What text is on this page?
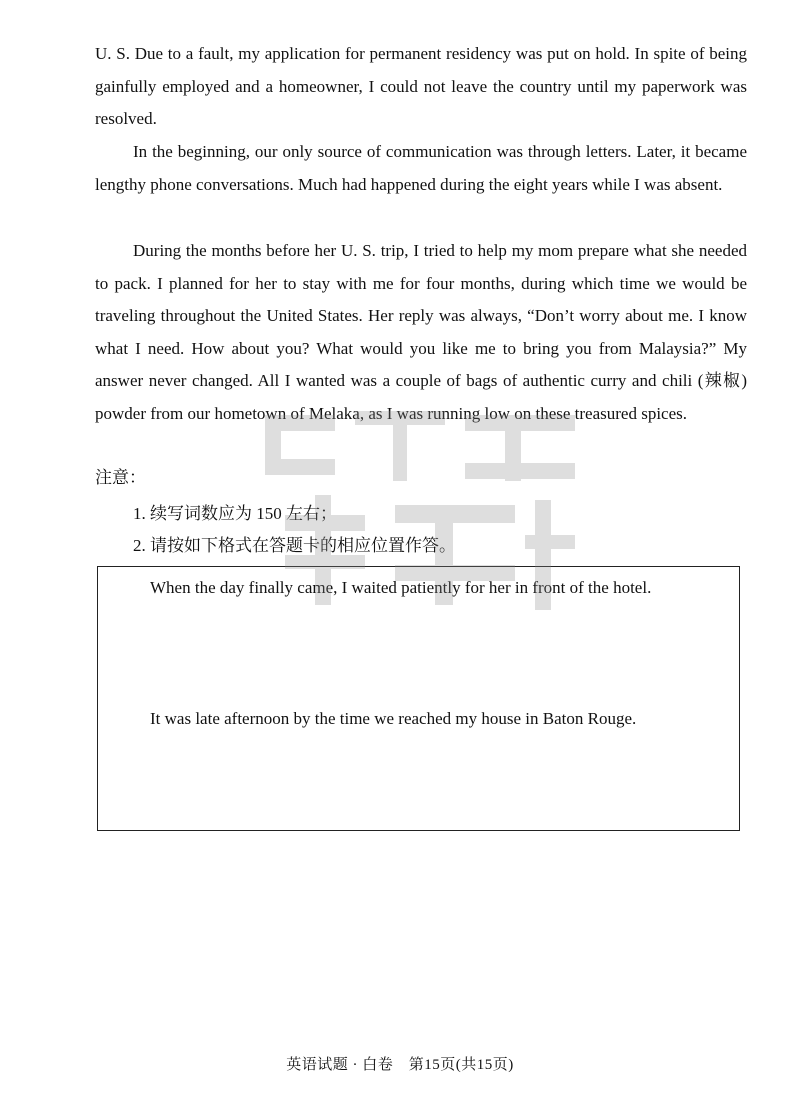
U. S. Due to a fault, my application for permanent residency was put on hold. In spite of being gainfully employed and a homeowner, I could not leave the country until my paperwork was resolved.

In the beginning, our only source of communication was through letters. Later, it became lengthy phone conversations. Much had happened during the eight years while I was absent.

During the months before her U. S. trip, I tried to help my mom prepare what she needed to pack. I planned for her to stay with me for four months, during which time we would be traveling throughout the United States. Her reply was always, “Don’t worry about me. I know what I need. How about you? What would you like me to bring you from Malaysia?” My answer never changed. All I wanted was a couple of bags of authentic curry and chili (辣椒) powder from our hometown of Melaka, as I was running low on these treasured spices.

注意：
1. 续写词数应为 150 左右；
2. 请按如下格式在答题卡的相应位置作答。
When the day finally came, I waited patiently for her in front of the hotel.
It was late afternoon by the time we reached my house in Baton Rouge.
英语试题 · 白卷　第15页(共15页)
